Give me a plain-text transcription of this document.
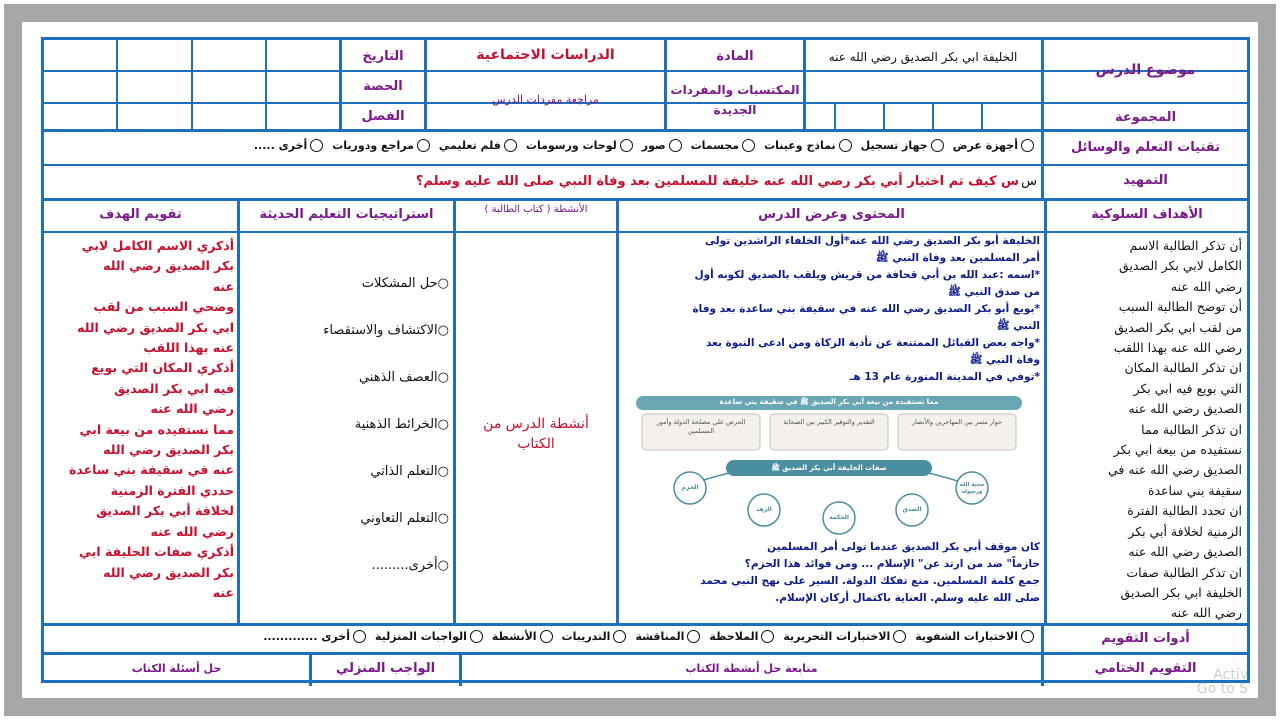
موضوع الدرس
الخليفة ابي بكر الصديق رضي الله عنه
المجموعة
المادة
المكتسبات والمفردات الجديدة
الدراسات الاجتماعية
مراجعة مفردات الدرس
التاريخ
الحصة
الفصل
تقنيات التعلم والوسائل
أجهزة عرض
جهاز تسجيل
نماذج وعينات
مجسمات
صور
لوحات ورسومات
فلم تعليمي
مراجع ودوريات
أخرى .....
التمهيد
س
س كيف تم اختيار أبي بكر رضي الله عنه خليفة للمسلمين بعد وفاة النبي صلى الله عليه وسلم؟
الأهداف السلوكية
المحتوى وعرض الدرس
الأنشطة ( كتاب الطالبة )
استراتيجيات التعليم الحديثة
تقويم الهدف
أن تذكر الطالبة الاسم
الكامل لابي بكر الصديق
رضي الله عنه
أن توضح الطالبة السبب
من لقب ابي بكر الصديق
رضي الله عنه بهذا اللقب
ان تذكر الطالبة المكان
التي بويع فيه ابي بكر
الصديق رضي الله عنه
ان تذكر الطالبة مما
نستفيده من بيعة ابي بكر
الصديق رضي الله عنه في
سقيفة بني ساعدة
ان تحدد الطالبة الفترة
الزمنية لخلافة أبي بكر
الصديق رضي الله عنه
ان تذكر الطالبة صفات
الخليفة ابي بكر الصديق
رضي الله عنه
الخليفة أبو بكر الصديق رضي الله عنه*أول الخلفاء الراشدين تولى
أمر المسلمين بعد وفاة النبي ﷺ
*اسمه :عبد الله بن أبي قحافة من قريش ويلقب بالصديق لكونه أول
من صدق النبي ﷺ
*بويع أبو بكر الصديق رضي الله عنه في سقيفة بني ساعدة بعد وفاة
النبي ﷺ
*واجه بعض القبائل الممتنعة عن تأدية الزكاة ومن ادعى النبوة بعد
وفاة النبي ﷺ
*توفي في المدينة المنورة عام 13 هـ
مما نستفيده من بيعة أبي بكر الصديق ﷺ في سقيفة بني ساعدة
الحرص على مصلحة الدولة وأمور المسلمين
التقدير والتوقير الكبير بين الصحابة	حوار مثمر بين المهاجرين والأنصار
صفات الخليفة أبي بكر الصديق ﷺ
محبة الله ورسوله
الصدق
الحكمة
الزهد
الحزم
كان موقف أبي بكر الصديق عندما تولى أمر المسلمين
حازماً" ضد من ارتد عن" الإسلام ... ومن فوائد هذا الحزم؟
جمع كلمة المسلمين. منع تفكك الدولة. السير على نهج النبي محمد
صلى الله عليه وسلم. العناية باكتمال أركان الإسلام.
أنشطة الدرس من الكتاب
○حل المشكلات
○الاكتشاف والاستقصاء
○العصف الذهني
○الخرائط الذهنية
○التعلم الذاتي
○التعلم التعاوني
○أخرى.........
أذكري الاسم الكامل لابي
بكر الصديق رضي الله
عنه
وضحي السبب من لقب
ابي بكر الصديق رضي الله
عنه بهذا اللقب
أذكري المكان التي بويع
فيه ابي بكر الصديق
رضي الله عنه
مما نستفيده من بيعة ابي
بكر الصديق رضي الله
عنه في سقيفة بني ساعدة
حددي الفترة الزمنية
لخلافة أبي بكر الصديق
رضي الله عنه
أذكري صفات الخليفة ابي
بكر الصديق رضي الله
عنه
أدوات التقويم
الاختبارات الشفوية
الاختبارات التحريرية
الملاحظة
المناقشة
التدريبات
الأنشطة
الواجبات المنزلية
أخرى .............
التقويم الختامي
متابعة حل أنشطة الكتاب
الواجب المنزلي
حل أسئلة الكتاب	Activ
Go to S
